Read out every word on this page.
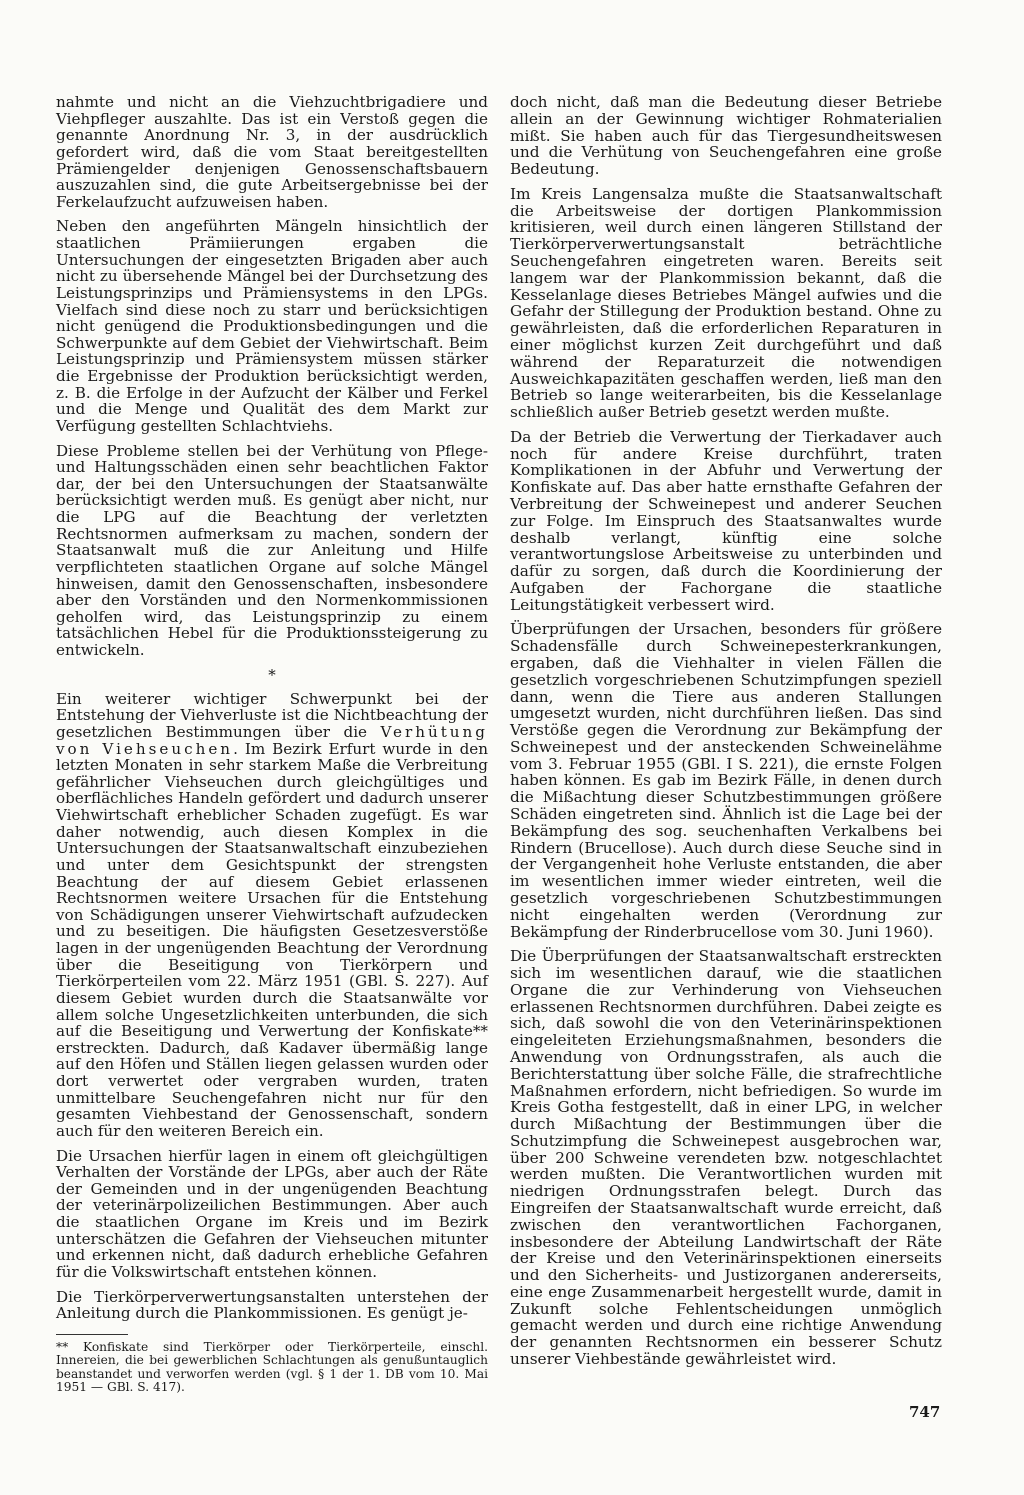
nahmte und nicht an die Viehzuchtbrigadiere und Viehpfleger auszahlte. Das ist ein Verstoß gegen die genannte Anordnung Nr. 3, in der ausdrücklich gefordert wird, daß die vom Staat bereitgestellten Prämiengelder denjenigen Genossenschaftsbauern auszuzahlen sind, die gute Arbeitsergebnisse bei der Ferkelaufzucht aufzuweisen haben.

Neben den angeführten Mängeln hinsichtlich der staatlichen Prämiierungen ergaben die Untersuchungen der eingesetzten Brigaden aber auch nicht zu übersehende Mängel bei der Durchsetzung des Leistungsprinzips und Prämiensystems in den LPGs. Vielfach sind diese noch zu starr und berücksichtigen nicht genügend die Produktionsbedingungen und die Schwerpunkte auf dem Gebiet der Viehwirtschaft. Beim Leistungsprinzip und Prämiensystem müssen stärker die Ergebnisse der Produktion berücksichtigt werden, z. B. die Erfolge in der Aufzucht der Kälber und Ferkel und die Menge und Qualität des dem Markt zur Verfügung gestellten Schlachtviehs.

Diese Probleme stellen bei der Verhütung von Pflege- und Haltungsschäden einen sehr beachtlichen Faktor dar, der bei den Untersuchungen der Staatsanwälte berücksichtigt werden muß. Es genügt aber nicht, nur die LPG auf die Beachtung der verletzten Rechtsnormen aufmerksam zu machen, sondern der Staatsanwalt muß die zur Anleitung und Hilfe verpflichteten staatlichen Organe auf solche Mängel hinweisen, damit den Genossenschaften, insbesondere aber den Vorständen und den Normenkommissionen geholfen wird, das Leistungsprinzip zu einem tatsächlichen Hebel für die Produktionssteigerung zu entwickeln.

*

Ein weiterer wichtiger Schwerpunkt bei der Entstehung der Viehverluste ist die Nichtbeachtung der gesetzlichen Bestimmungen über die Verhütung von Viehseuchen. Im Bezirk Erfurt wurde in den letzten Monaten in sehr starkem Maße die Verbreitung gefährlicher Viehseuchen durch gleichgültiges und oberflächliches Handeln gefördert und dadurch unserer Viehwirtschaft erheblicher Schaden zugefügt. Es war daher notwendig, auch diesen Komplex in die Untersuchungen der Staatsanwaltschaft einzubeziehen und unter dem Gesichtspunkt der strengsten Beachtung der auf diesem Gebiet erlassenen Rechtsnormen weitere Ursachen für die Entstehung von Schädigungen unserer Viehwirtschaft aufzudecken und zu beseitigen. Die häufigsten Gesetzesverstöße lagen in der ungenügenden Beachtung der Verordnung über die Beseitigung von Tierkörpern und Tierkörperteilen vom 22. März 1951 (GBl. S. 227). Auf diesem Gebiet wurden durch die Staatsanwälte vor allem solche Ungesetzlichkeiten unterbunden, die sich auf die Beseitigung und Verwertung der Konfiskate** erstreckten. Dadurch, daß Kadaver übermäßig lange auf den Höfen und Ställen liegen gelassen wurden oder dort verwertet oder vergraben wurden, traten unmittelbare Seuchengefahren nicht nur für den gesamten Viehbestand der Genossenschaft, sondern auch für den weiteren Bereich ein.

Die Ursachen hierfür lagen in einem oft gleichgültigen Verhalten der Vorstände der LPGs, aber auch der Räte der Gemeinden und in der ungenügenden Beachtung der veterinärpolizeilichen Bestimmungen. Aber auch die staatlichen Organe im Kreis und im Bezirk unterschätzen die Gefahren der Viehseuchen mitunter und erkennen nicht, daß dadurch erhebliche Gefahren für die Volkswirtschaft entstehen können.

Die Tierkörperverwertungsanstalten unterstehen der Anleitung durch die Plankommissionen. Es genügt je-

** Konfiskate sind Tierkörper oder Tierkörperteile, einschl. Innereien, die bei gewerblichen Schlachtungen als genußuntauglich beanstandet und verworfen werden (vgl. § 1 der 1. DB vom 10. Mai 1951 — GBl. S. 417).

doch nicht, daß man die Bedeutung dieser Betriebe allein an der Gewinnung wichtiger Rohmaterialien mißt. Sie haben auch für das Tiergesundheitswesen und die Verhütung von Seuchengefahren eine große Bedeutung.

Im Kreis Langensalza mußte die Staatsanwaltschaft die Arbeitsweise der dortigen Plankommission kritisieren, weil durch einen längeren Stillstand der Tierkörperverwertungsanstalt beträchtliche Seuchengefahren eingetreten waren. Bereits seit langem war der Plankommission bekannt, daß die Kesselanlage dieses Betriebes Mängel aufwies und die Gefahr der Stillegung der Produktion bestand. Ohne zu gewährleisten, daß die erforderlichen Reparaturen in einer möglichst kurzen Zeit durchgeführt und daß während der Reparaturzeit die notwendigen Ausweichkapazitäten geschaffen werden, ließ man den Betrieb so lange weiterarbeiten, bis die Kesselanlage schließlich außer Betrieb gesetzt werden mußte.

Da der Betrieb die Verwertung der Tierkadaver auch noch für andere Kreise durchführt, traten Komplikationen in der Abfuhr und Verwertung der Konfiskate auf. Das aber hatte ernsthafte Gefahren der Verbreitung der Schweinepest und anderer Seuchen zur Folge. Im Einspruch des Staatsanwaltes wurde deshalb verlangt, künftig eine solche verantwortungslose Arbeitsweise zu unterbinden und dafür zu sorgen, daß durch die Koordinierung der Aufgaben der Fachorgane die staatliche Leitungstätigkeit verbessert wird.

Überprüfungen der Ursachen, besonders für größere Schadensfälle durch Schweinepesterkrankungen, ergaben, daß die Viehhalter in vielen Fällen die gesetzlich vorgeschriebenen Schutzimpfungen speziell dann, wenn die Tiere aus anderen Stallungen umgesetzt wurden, nicht durchführen ließen. Das sind Verstöße gegen die Verordnung zur Bekämpfung der Schweinepest und der ansteckenden Schweinelähme vom 3. Februar 1955 (GBl. I S. 221), die ernste Folgen haben können. Es gab im Bezirk Fälle, in denen durch die Mißachtung dieser Schutzbestimmungen größere Schäden eingetreten sind. Ähnlich ist die Lage bei der Bekämpfung des sog. seuchenhaften Verkalbens bei Rindern (Brucellose). Auch durch diese Seuche sind in der Vergangenheit hohe Verluste entstanden, die aber im wesentlichen immer wieder eintreten, weil die gesetzlich vorgeschriebenen Schutzbestimmungen nicht eingehalten werden (Verordnung zur Bekämpfung der Rinderbrucellose vom 30. Juni 1960).

Die Überprüfungen der Staatsanwaltschaft erstreckten sich im wesentlichen darauf, wie die staatlichen Organe die zur Verhinderung von Viehseuchen erlassenen Rechtsnormen durchführen. Dabei zeigte es sich, daß sowohl die von den Veterinärinspektionen eingeleiteten Erziehungsmaßnahmen, besonders die Anwendung von Ordnungsstrafen, als auch die Berichterstattung über solche Fälle, die strafrechtliche Maßnahmen erfordern, nicht befriedigen. So wurde im Kreis Gotha festgestellt, daß in einer LPG, in welcher durch Mißachtung der Bestimmungen über die Schutzimpfung die Schweinepest ausgebrochen war, über 200 Schweine verendeten bzw. notgeschlachtet werden mußten. Die Verantwortlichen wurden mit niedrigen Ordnungsstrafen belegt. Durch das Eingreifen der Staatsanwaltschaft wurde erreicht, daß zwischen den verantwortlichen Fachorganen, insbesondere der Abteilung Landwirtschaft der Räte der Kreise und den Veterinärinspektionen einerseits und den Sicherheits- und Justizorganen andererseits, eine enge Zusammenarbeit hergestellt wurde, damit in Zukunft solche Fehlentscheidungen unmöglich gemacht werden und durch eine richtige Anwendung der genannten Rechtsnormen ein besserer Schutz unserer Viehbestände gewährleistet wird.

747
